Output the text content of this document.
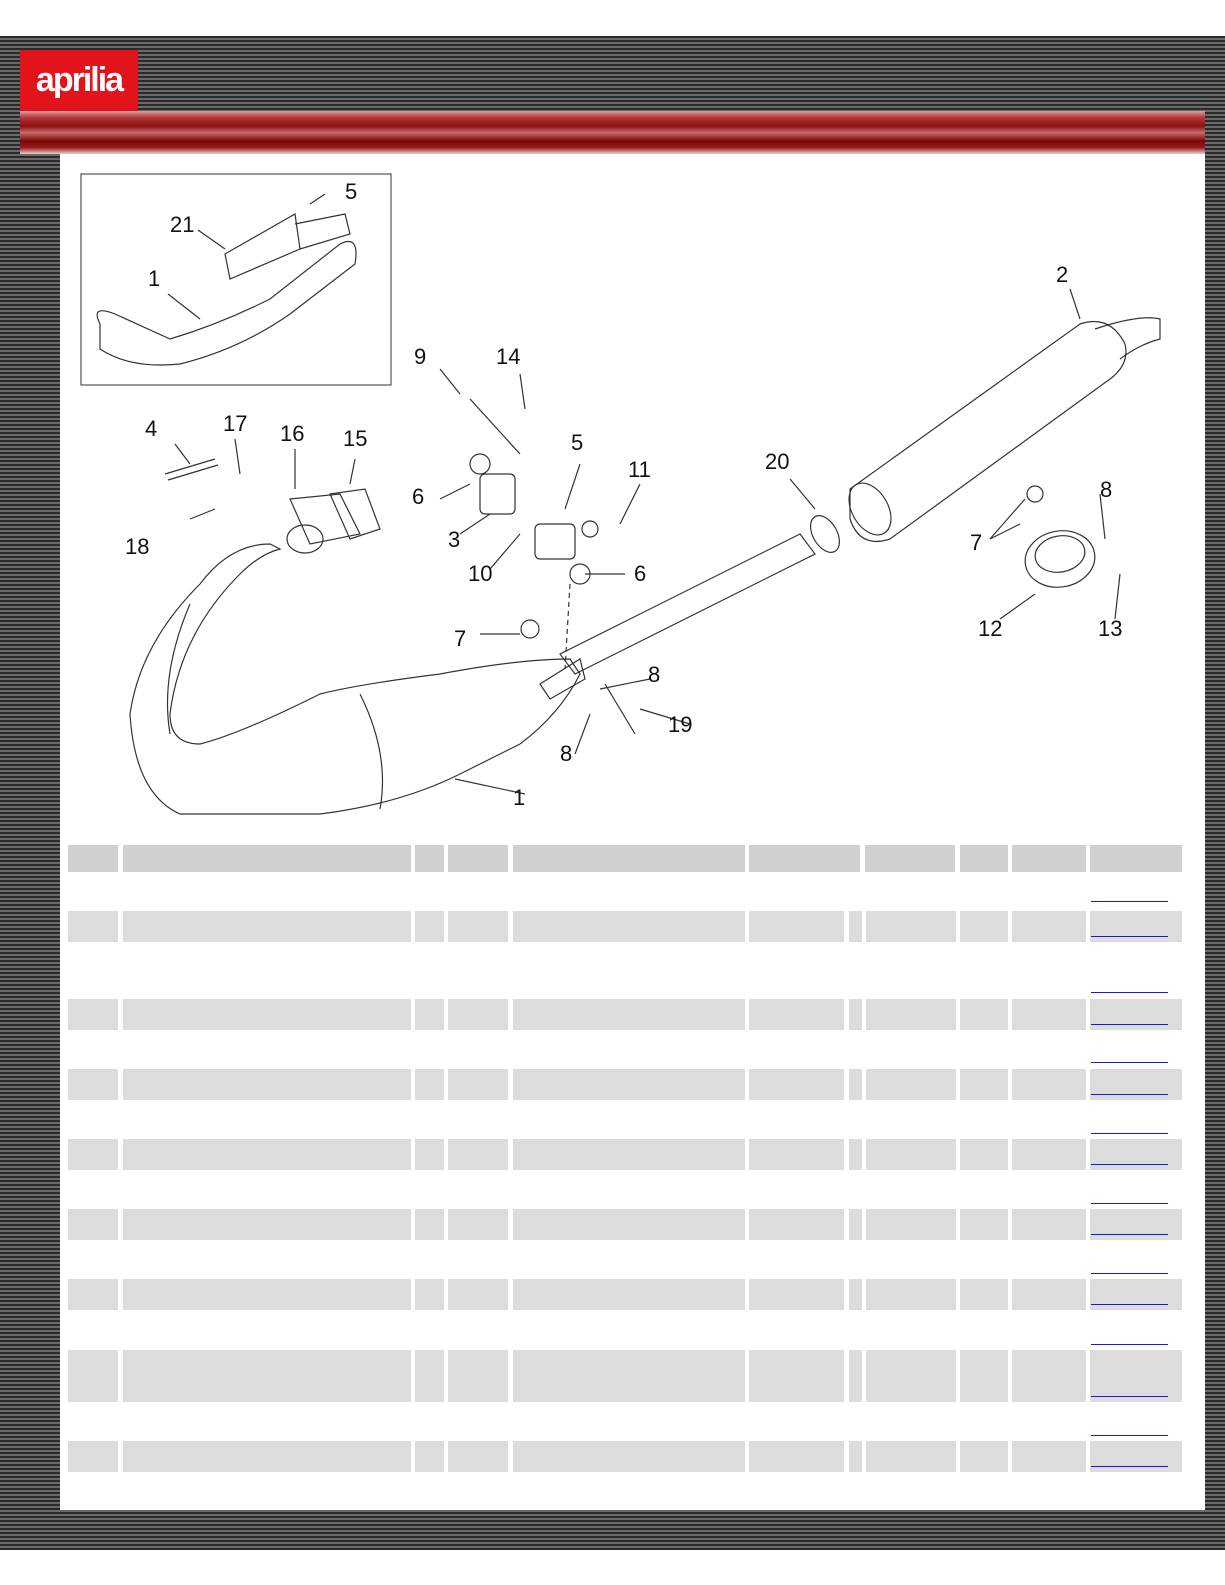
aprilia
1
21
5
2
9	14
4	17 16 15	5
11	20
8
6
18	3	7
10	6
12	13
7
8
19
8
1
